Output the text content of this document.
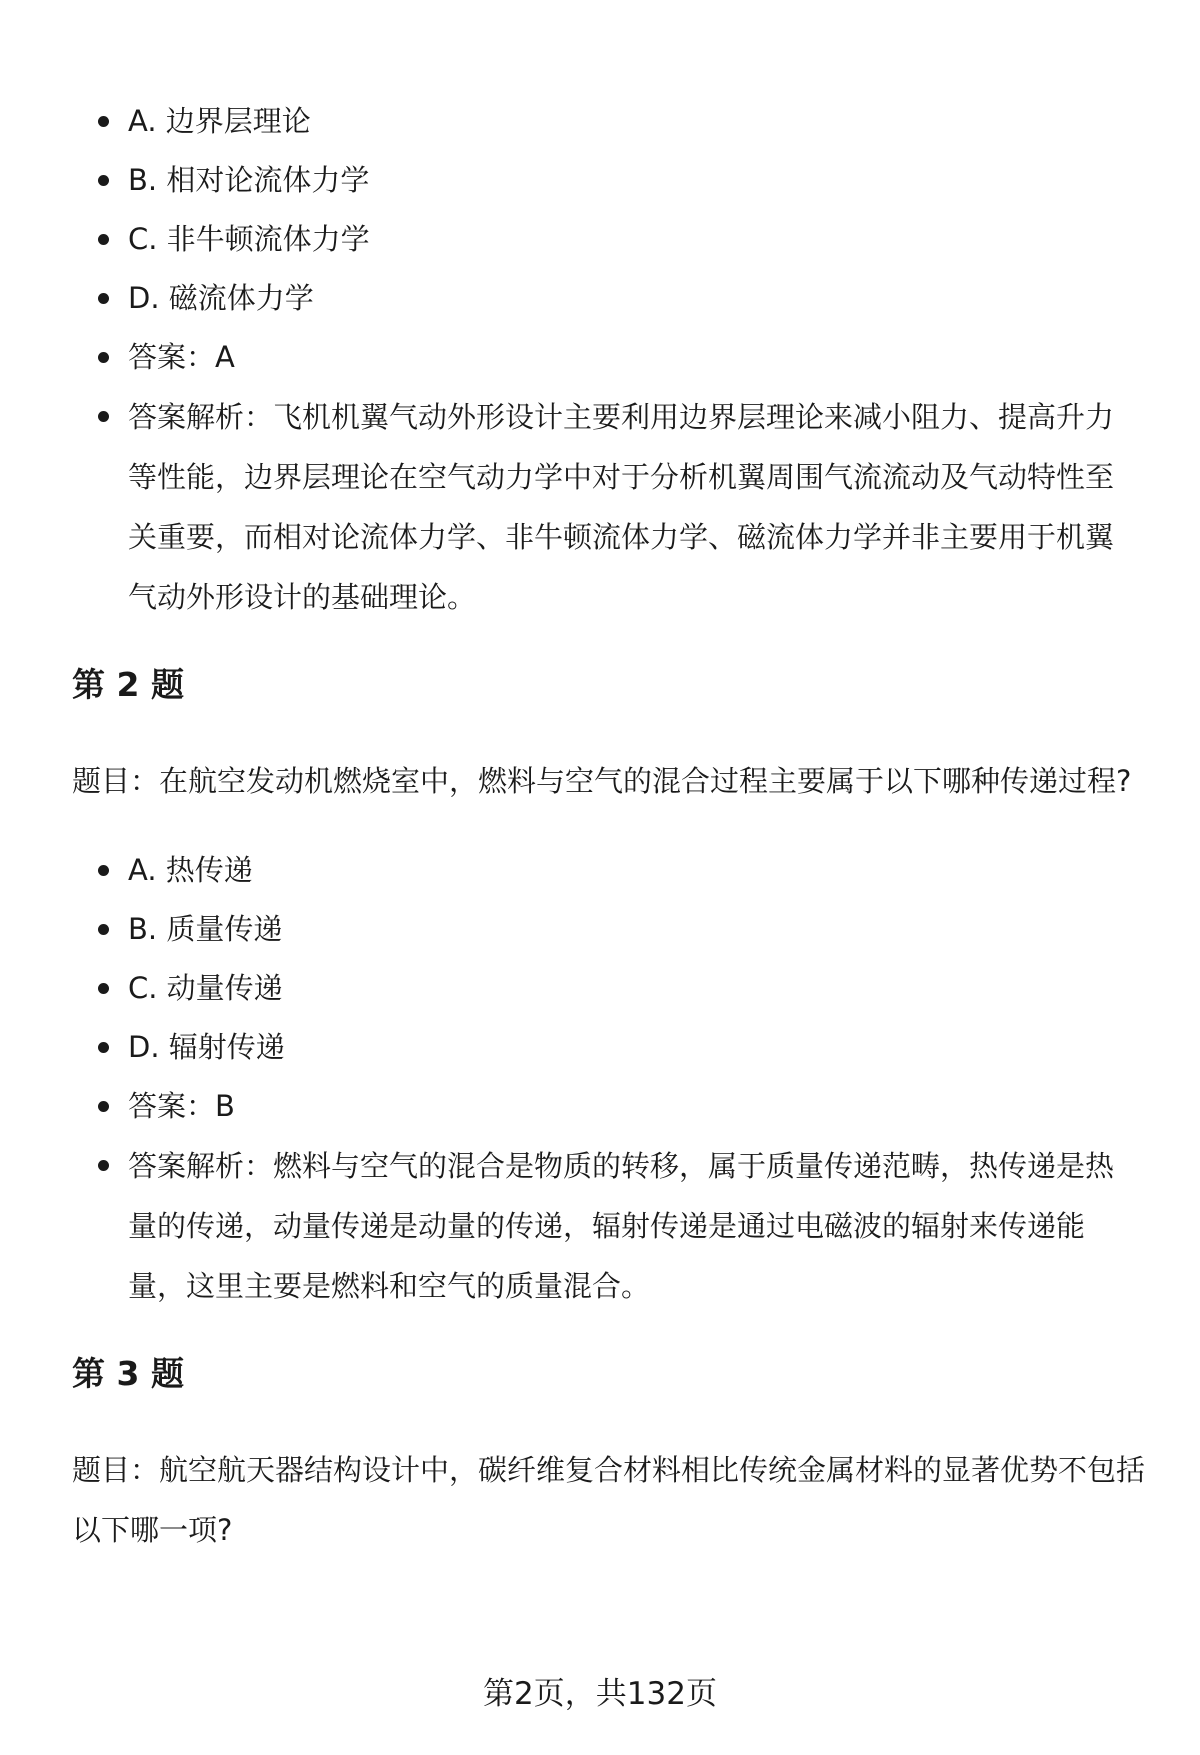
A. 边界层理论
B. 相对论流体力学
C. 非牛顿流体力学
D. 磁流体力学
答案：A
答案解析：飞机机翼气动外形设计主要利用边界层理论来减小阻力、提高升力等性能，边界层理论在空气动力学中对于分析机翼周围气流流动及气动特性至关重要，而相对论流体力学、非牛顿流体力学、磁流体力学并非主要用于机翼气动外形设计的基础理论。
第 2 题

题目：在航空发动机燃烧室中，燃料与空气的混合过程主要属于以下哪种传递过程?

A. 热传递
B. 质量传递
C. 动量传递
D. 辐射传递
答案：B
答案解析：燃料与空气的混合是物质的转移，属于质量传递范畴，热传递是热量的传递，动量传递是动量的传递，辐射传递是通过电磁波的辐射来传递能量，这里主要是燃料和空气的质量混合。
第 3 题

题目：航空航天器结构设计中，碳纤维复合材料相比传统金属材料的显著优势不包括以下哪一项?

第2页，共132页
